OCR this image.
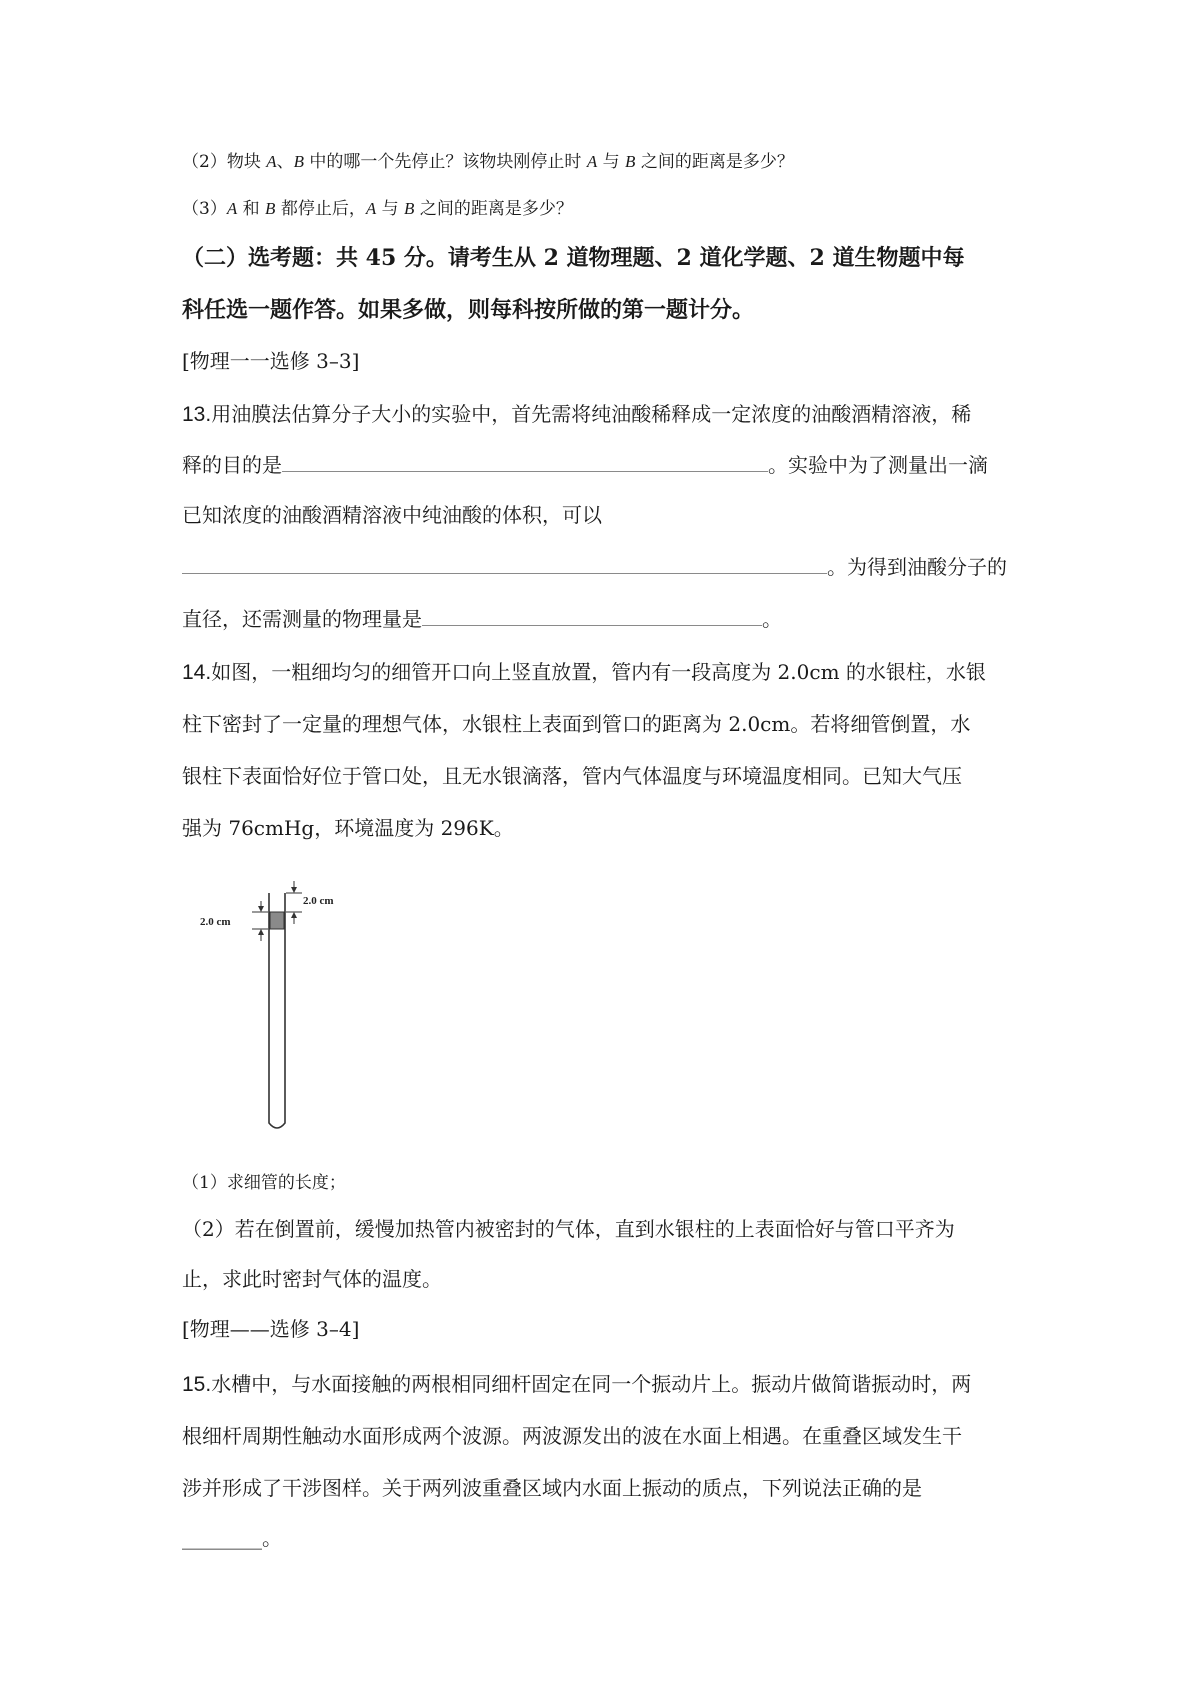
（2）物块 A、B 中的哪一个先停止？该物块刚停止时 A 与 B 之间的距离是多少？

（3）A 和 B 都停止后，A 与 B 之间的距离是多少？

（二）选考题：共 45 分。请考生从 2 道物理题、2 道化学题、2 道生物题中每

科任选一题作答。如果多做，则每科按所做的第一题计分。

[物理一一选修 3–3]

13.用油膜法估算分子大小的实验中，首先需将纯油酸稀释成一定浓度的油酸酒精溶液，稀

释的目的是	。实验中为了测量出一滴

已知浓度的油酸酒精溶液中纯油酸的体积，可以

。为得到油酸分子的

直径，还需测量的物理量是	。

14.如图，一粗细均匀的细管开口向上竖直放置，管内有一段高度为 2.0cm 的水银柱，水银

柱下密封了一定量的理想气体，水银柱上表面到管口的距离为 2.0cm。若将细管倒置，水

银柱下表面恰好位于管口处，且无水银滴落，管内气体温度与环境温度相同。已知大气压

强为 76cmHg，环境温度为 296K。

2.0 cm
2.0 cm

（1）求细管的长度；

（2）若在倒置前，缓慢加热管内被密封的气体，直到水银柱的上表面恰好与管口平齐为

止，求此时密封气体的温度。

[物理——选修 3–4]

15.水槽中，与水面接触的两根相同细杆固定在同一个振动片上。振动片做简谐振动时，两

根细杆周期性触动水面形成两个波源。两波源发出的波在水面上相遇。在重叠区域发生干

涉并形成了干涉图样。关于两列波重叠区域内水面上振动的质点，下列说法正确的是

________。
